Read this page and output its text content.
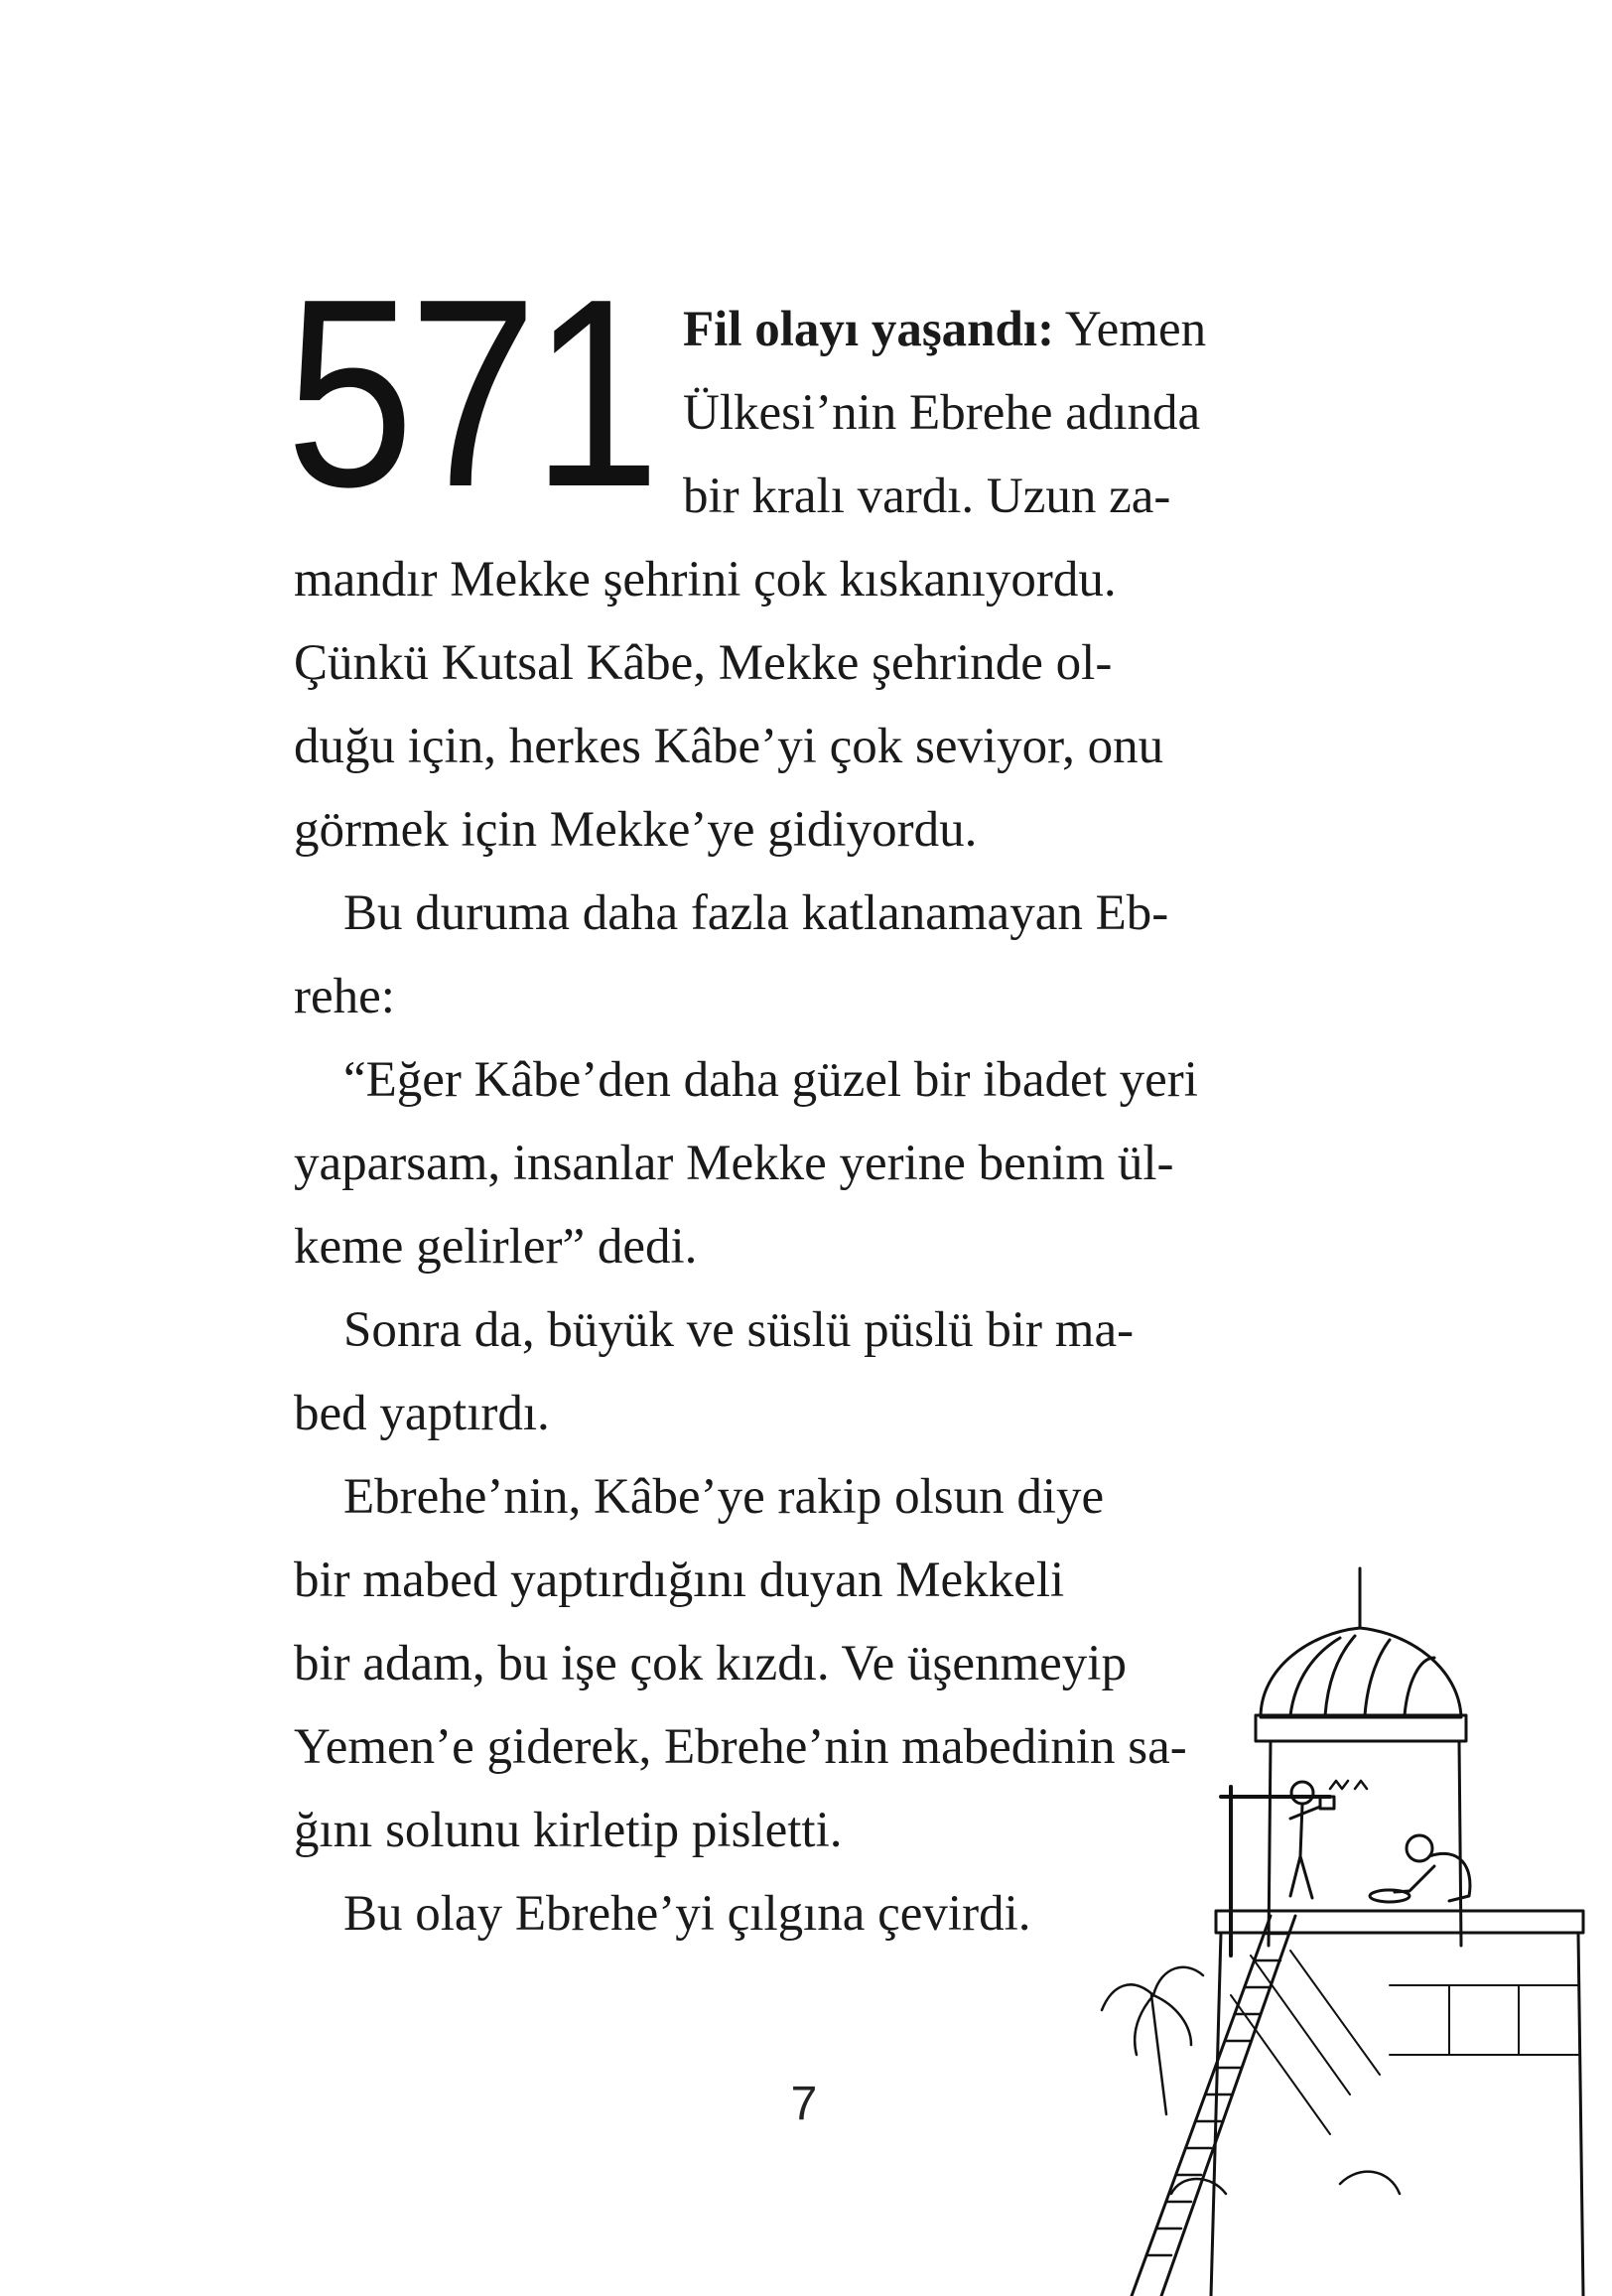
571 Fil olayı yaşandı: Yemen
Ülkesi’nin Ebrehe adında
bir kralı vardı. Uzun za-
mandır Mekke şehrini çok kıskanıyordu.
Çünkü Kutsal Kâbe, Mekke şehrinde ol-
duğu için, herkes Kâbe’yi çok seviyor, onu
görmek için Mekke’ye gidiyordu.
Bu duruma daha fazla katlanamayan Eb-
rehe:
“Eğer Kâbe’den daha güzel bir ibadet yeri
yaparsam, insanlar Mekke yerine benim ül-
keme gelirler” dedi.
Sonra da, büyük ve süslü püslü bir ma-
bed yaptırdı.
Ebrehe’nin, Kâbe’ye rakip olsun diye
bir mabed yaptırdığını duyan Mekkeli
bir adam, bu işe çok kızdı. Ve üşenmeyip
Yemen’e giderek, Ebrehe’nin mabedinin sa-
ğını solunu kirletip pisletti.
Bu olay Ebrehe’yi çılgına çevirdi.
7
